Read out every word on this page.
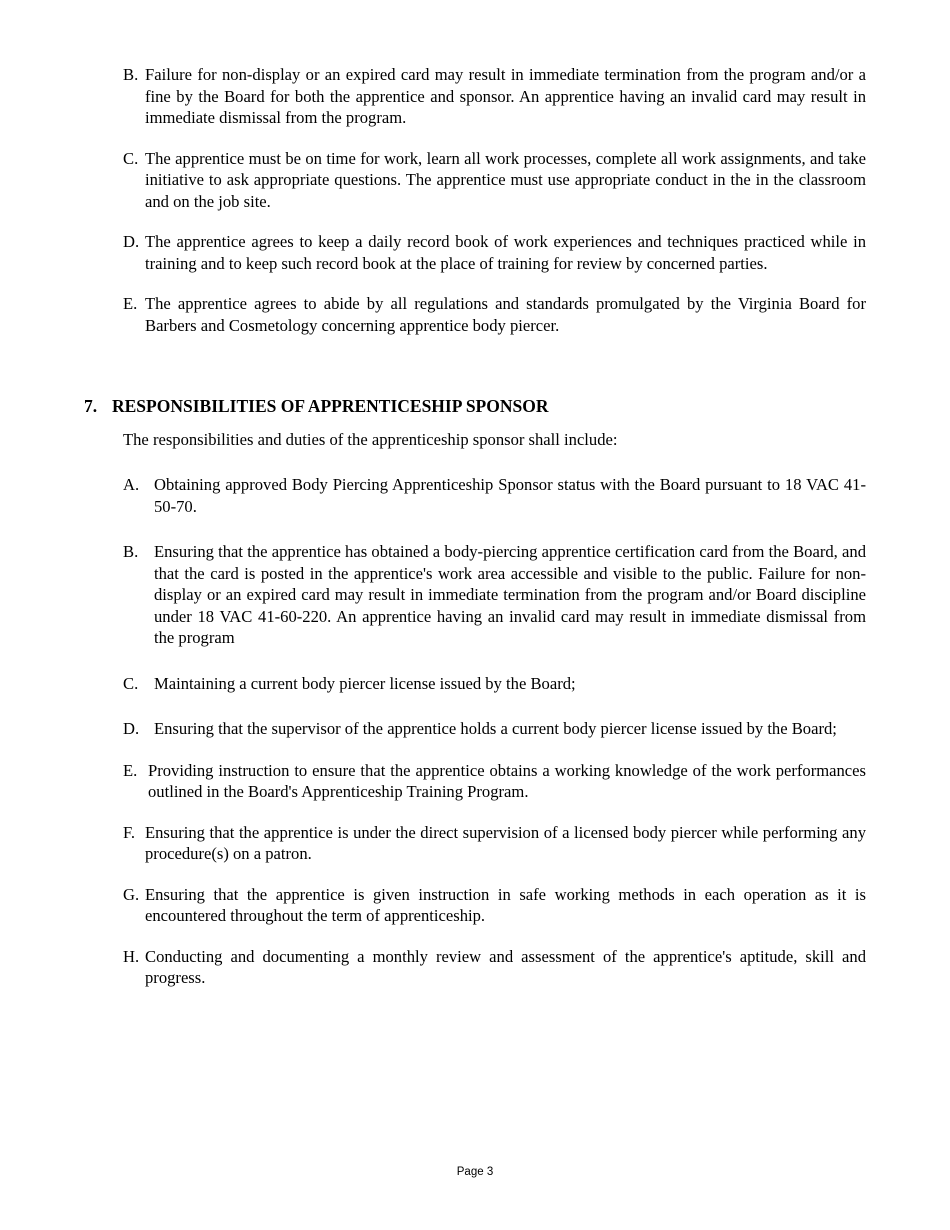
B. Failure for non-display or an expired card may result in immediate termination from the program and/or a fine by the Board for both the apprentice and sponsor. An apprentice having an invalid card may result in immediate dismissal from the program.
C. The apprentice must be on time for work, learn all work processes, complete all work assignments, and take initiative to ask appropriate questions. The apprentice must use appropriate conduct in the in the classroom and on the job site.
D. The apprentice agrees to keep a daily record book of work experiences and techniques practiced while in training and to keep such record book at the place of training for review by concerned parties.
E. The apprentice agrees to abide by all regulations and standards promulgated by the Virginia Board for Barbers and Cosmetology concerning apprentice body piercer.
7. RESPONSIBILITIES OF APPRENTICESHIP SPONSOR
The responsibilities and duties of the apprenticeship sponsor shall include:
A. Obtaining approved Body Piercing Apprenticeship Sponsor status with the Board pursuant to 18 VAC 41-50-70.
B. Ensuring that the apprentice has obtained a body-piercing apprentice certification card from the Board, and that the card is posted in the apprentice's work area accessible and visible to the public. Failure for non-display or an expired card may result in immediate termination from the program and/or Board discipline under 18 VAC 41-60-220. An apprentice having an invalid card may result in immediate dismissal from the program
C. Maintaining a current body piercer license issued by the Board;
D. Ensuring that the supervisor of the apprentice holds a current body piercer license issued by the Board;
E. Providing instruction to ensure that the apprentice obtains a working knowledge of the work performances outlined in the Board's Apprenticeship Training Program.
F. Ensuring that the apprentice is under the direct supervision of a licensed body piercer while performing any procedure(s) on a patron.
G. Ensuring that the apprentice is given instruction in safe working methods in each operation as it is encountered throughout the term of apprenticeship.
H. Conducting and documenting a monthly review and assessment of the apprentice's aptitude, skill and progress.
Page 3
